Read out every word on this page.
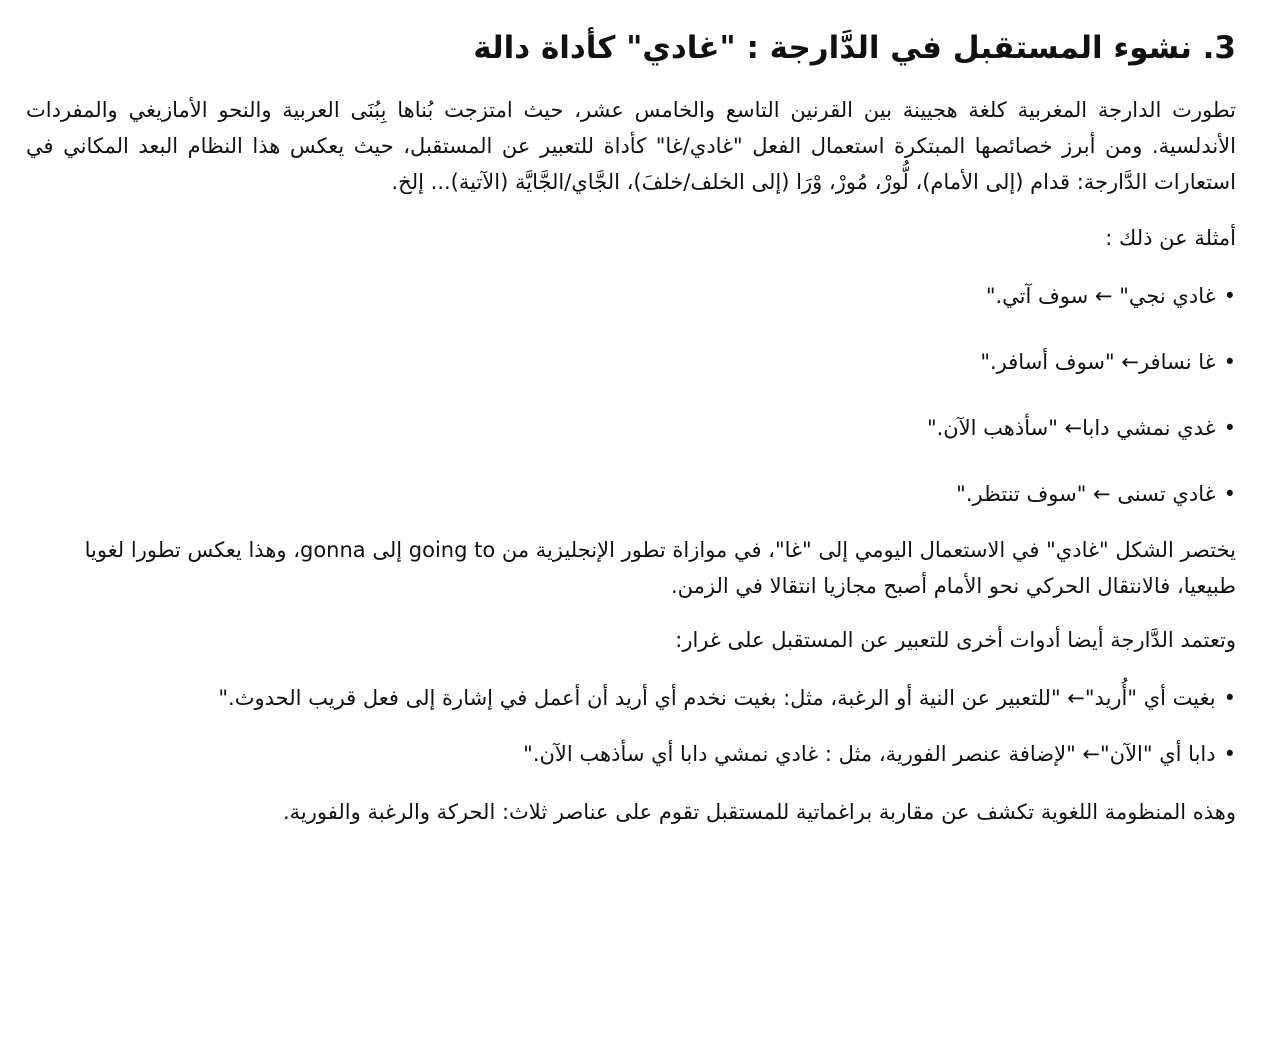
3. نشوء المستقبل في الدَّارجة : "غادي" كأداة دالة

تطورت الدارجة المغربية كلغة هجيينة بين القرنين التاسع والخامس عشر، حيث امتزجت بُناها بِبُنَى العربية والنحو الأمازيغي والمفردات الأندلسية. ومن أبرز خصائصها المبتكرة استعمال الفعل "غادي/غا" كأداة للتعبير عن المستقبل، حيث يعكس هذا النظام البعد المكاني في استعارات الدَّارجة: قدام (إلى الأمام)، لُّورْ، مُورْ، وْرَا (إلى الخلف/خلفَ)، الجَّاي/الجَّايَّة (الآتية)... إلخ.

أمثلة عن ذلك :

•غادي نجي" ← سوف آتي."

•غا نسافر← "سوف أسافر."

•غدي نمشي دابا← "سأذهب الآن."

•غادي تسنى ← "سوف تنتظر."

يختصر الشكل "غادي" في الاستعمال اليومي إلى "غا"، في موازاة تطور الإنجليزية من going to إلى gonna، وهذا يعكس تطورا لغويا طبيعيا، فالانتقال الحركي نحو الأمام أصبح مجازيا انتقالا في الزمن.

وتعتمد الدَّارجة أيضا أدوات أخرى للتعبير عن المستقبل على غرار:

•بغيت أي "أُريد"← "للتعبير عن النية أو الرغبة، مثل: بغيت نخدم أي أريد أن أعمل في إشارة إلى فعل قريب الحدوث."

•دابا أي "الآن"← "لإضافة عنصر الفورية، مثل : غادي نمشي دابا أي سأذهب الآن."

وهذه المنظومة اللغوية تكشف عن مقاربة براغماتية للمستقبل تقوم على عناصر ثلاث: الحركة والرغبة والفورية.
